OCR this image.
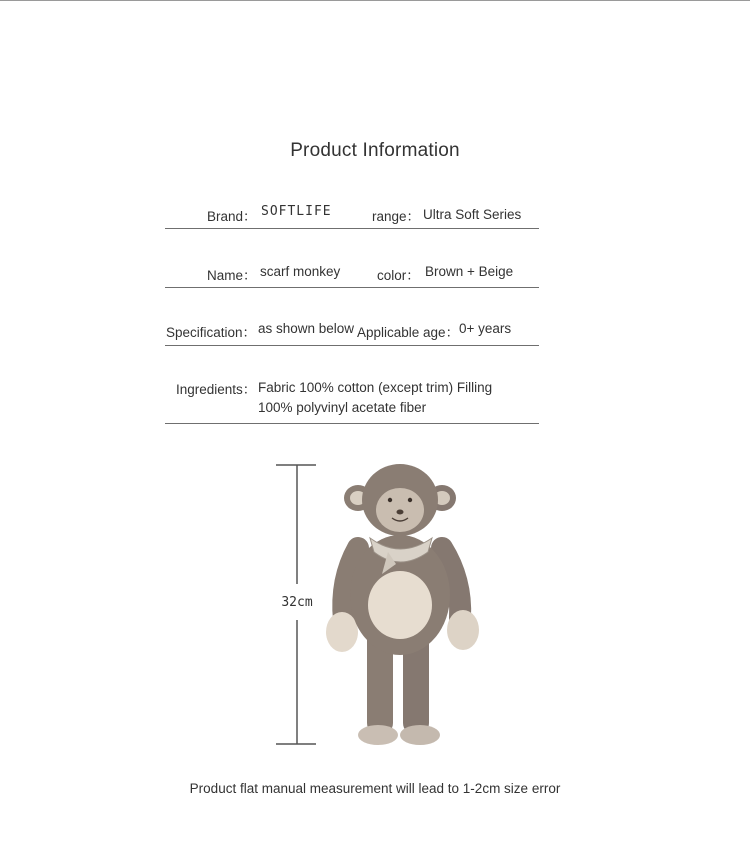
Product Information
Brand： SOFTLIFE	range： Ultra Soft Series
Name： scarf monkey	color： Brown + Beige
Specification： as shown below Applicable age： 0+ years
Ingredients： Fabric 100% cotton (except trim) Filling 100% polyvinyl acetate fiber
32cm
Product flat manual measurement will lead to 1-2cm size error
